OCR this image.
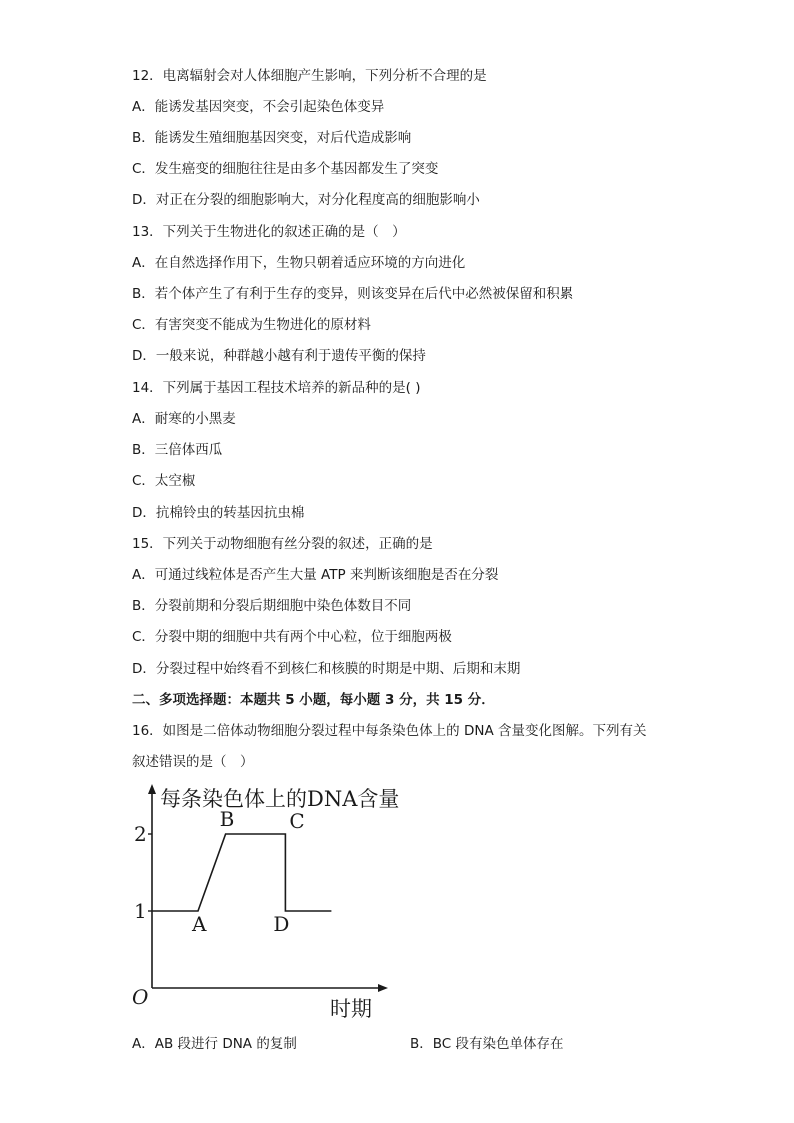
12．电离辐射会对人体细胞产生影响，下列分析不合理的是
A．能诱发基因突变，不会引起染色体变异
B．能诱发生殖细胞基因突变，对后代造成影响
C．发生癌变的细胞往往是由多个基因都发生了突变
D．对正在分裂的细胞影响大，对分化程度高的细胞影响小
13．下列关于生物进化的叙述正确的是（　）
A．在自然选择作用下，生物只朝着适应环境的方向进化
B．若个体产生了有利于生存的变异，则该变异在后代中必然被保留和积累
C．有害突变不能成为生物进化的原材料
D．一般来说，种群越小越有利于遗传平衡的保持
14．下列属于基因工程技术培养的新品种的是( )
A．耐寒的小黑麦
B．三倍体西瓜
C．太空椒
D．抗棉铃虫的转基因抗虫棉
15．下列关于动物细胞有丝分裂的叙述，正确的是
A．可通过线粒体是否产生大量 ATP 来判断该细胞是否在分裂
B．分裂前期和分裂后期细胞中染色体数目不同
C．分裂中期的细胞中共有两个中心粒，位于细胞两极
D．分裂过程中始终看不到核仁和核膜的时期是中期、后期和末期
二、多项选择题：本题共 5 小题，每小题 3 分，共 15 分．
16．如图是二倍体动物细胞分裂过程中每条染色体上的 DNA 含量变化图解。下列有关
叙述错误的是（　）
每条染色体上的DNA含量
时期
O
1
2
A
B	C
D
A．AB 段进行 DNA 的复制	B．BC 段有染色单体存在
